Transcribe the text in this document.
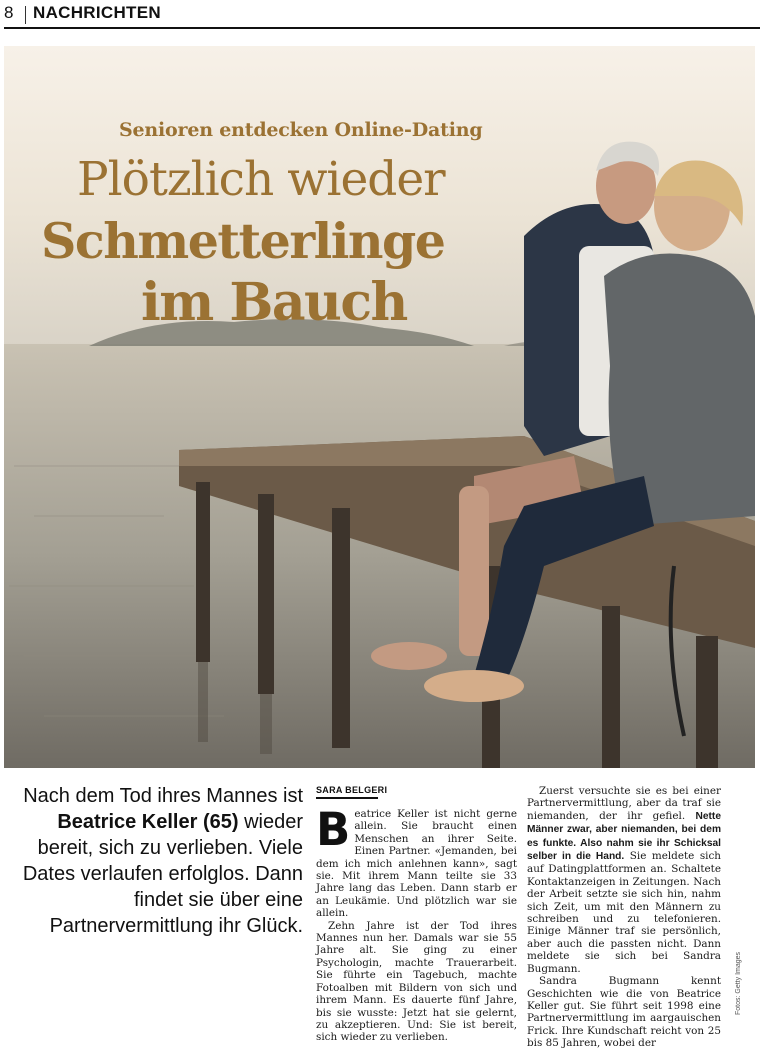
8 NACHRICHTEN
Senioren entdecken Online-Dating
Plötzlich wieder
Schmetterlinge
im Bauch
Nach dem Tod ihres Mannes ist Beatrice Keller (65) wieder bereit, sich zu verlieben. Viele Dates verlaufen erfolglos. Dann findet sie über eine Partnervermittlung ihr Glück.
SARA BELGERI

Beatrice Keller ist nicht gerne allein. Sie braucht einen Menschen an ihrer Seite. Einen Partner. «Jemanden, bei dem ich mich anlehnen kann», sagt sie. Mit ihrem Mann teilte sie 33 Jahre lang das Leben. Dann starb er an Leukämie. Und plötzlich war sie allein.

Zehn Jahre ist der Tod ihres Mannes nun her. Damals war sie 55 Jahre alt. Sie ging zu einer Psychologin, machte Trauerarbeit. Sie führte ein Tagebuch, machte Fotoalben mit Bildern von sich und ihrem Mann. Es dauerte fünf Jahre, bis sie wusste: Jetzt hat sie gelernt, zu akzeptieren. Und: Sie ist bereit, sich wieder zu verlieben.

Zuerst versuchte sie es bei einer Partnervermittlung, aber da traf sie niemanden, der ihr gefiel. Nette Männer zwar, aber niemanden, bei dem es funkte. Also nahm sie ihr Schicksal selber in die Hand. Sie meldete sich auf Datingplattformen an. Schaltete Kontaktanzeigen in Zeitungen. Nach der Arbeit setzte sie sich hin, nahm sich Zeit, um mit den Männern zu schreiben und zu telefonieren. Einige Männer traf sie persönlich, aber auch die passten nicht. Dann meldete sie sich bei Sandra Bugmann.

Sandra Bugmann kennt Geschichten wie die von Beatrice Keller gut. Sie führt seit 1998 eine Partnervermittlung im aargauischen Frick. Ihre Kundschaft reicht von 25 bis 85 Jahren, wobei der

Fotos: Getty Images
